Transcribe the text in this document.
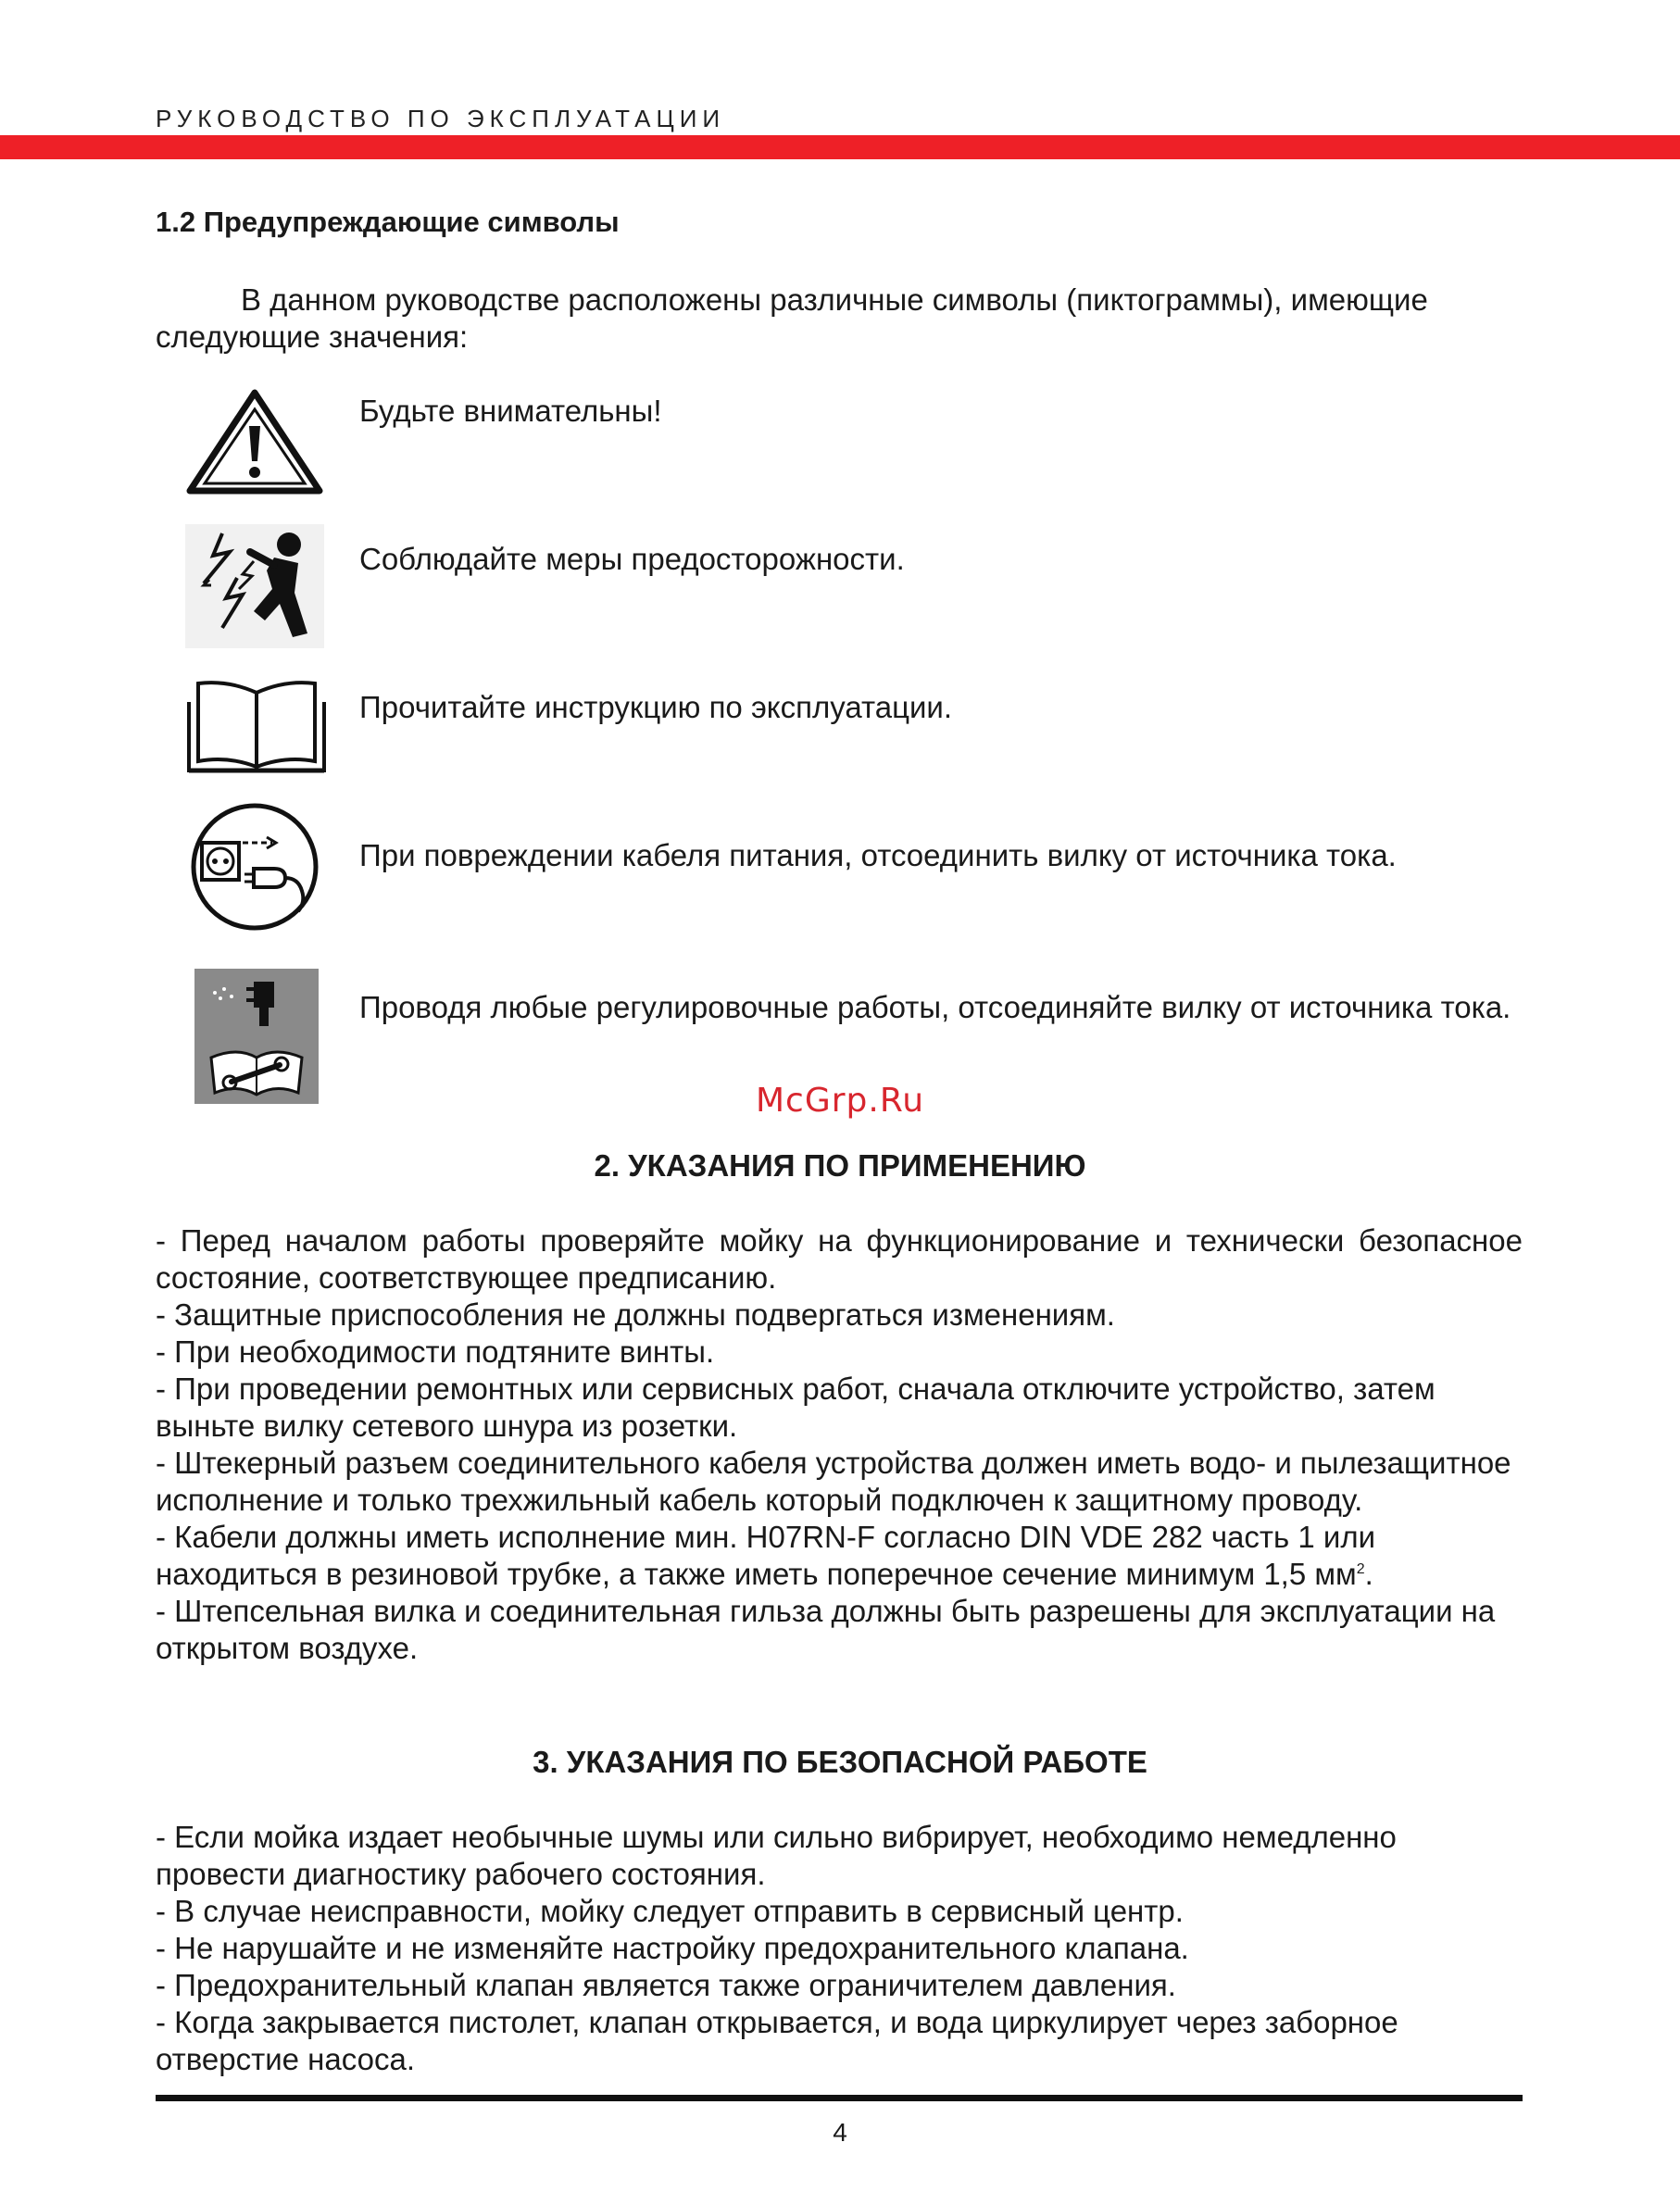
РУКОВОДСТВО ПО ЭКСПЛУАТАЦИИ
1.2 Предупреждающие символы
В данном руководстве расположены различные символы (пиктограммы), имеющие следующие значения:
Будьте внимательны!
Соблюдайте меры предосторожности.
Прочитайте инструкцию по эксплуатации.
При повреждении кабеля питания, отсоединить вилку от источника тока.
Проводя любые регулировочные работы, отсоединяйте вилку от источника тока.
McGrp.Ru
2. УКАЗАНИЯ ПО ПРИМЕНЕНИЮ

- Перед началом работы проверяйте мойку на функционирование и технически безопасное состояние, соответствующее предписанию.

- Защитные приспособления не должны подвергаться изменениям.

- При необходимости подтяните винты.

- При проведении ремонтных или сервисных работ, сначала отключите устройство, затем выньте вилку сетевого шнура из розетки.

- Штекерный разъем соединительного кабеля устройства должен иметь водо- и пылезащитное исполнение и только трехжильный кабель который подключен к защитному проводу.

- Кабели должны иметь исполнение мин. H07RN-F согласно DIN VDE 282 часть 1 или находиться в резиновой трубке, а также иметь поперечное сечение минимум 1,5 $мм^2$.

- Штепсельная вилка и соединительная гильза должны быть разрешены для эксплуатации на открытом воздухе.

3. УКАЗАНИЯ ПО БЕЗОПАСНОЙ РАБОТЕ

- Если мойка издает необычные шумы или сильно вибрирует, необходимо немедленно провести диагностику рабочего состояния.

- В случае неисправности, мойку следует отправить в сервисный центр.

- Не нарушайте и не изменяйте настройку предохранительного клапана.

- Предохранительный клапан является также ограничителем давления.

- Когда закрывается пистолет, клапан открывается, и вода циркулирует через заборное отверстие насоса.

4
